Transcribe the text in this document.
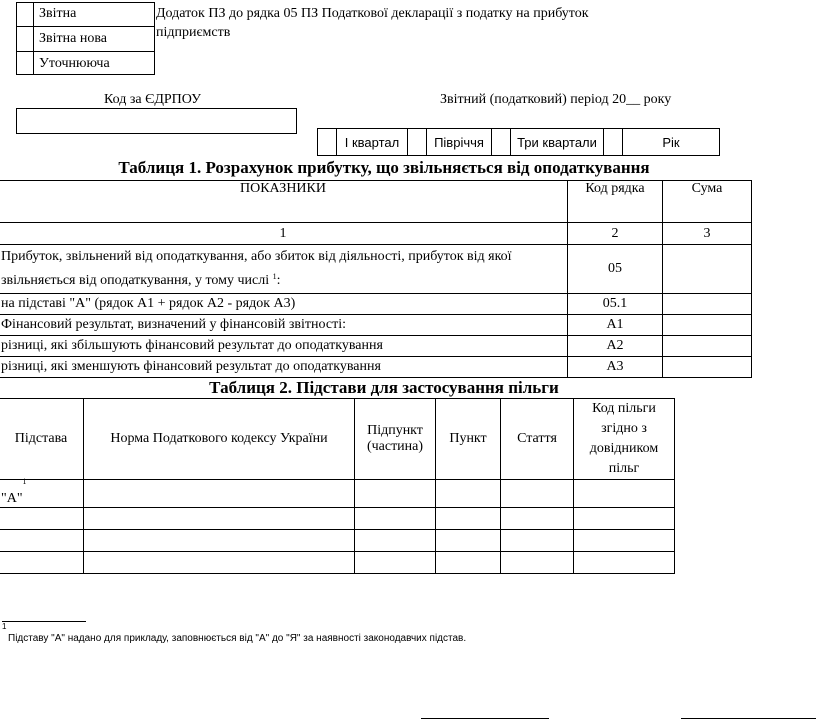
Звітна
Звітна нова
Уточнююча
Додаток ПЗ до рядка 05 ПЗ Податкової декларації з податку на прибуток підприємств
Код за ЄДРПОУ	Звітний (податковий) період 20__ року
	І квартал		Півріччя		Три квартали		Рік
Таблиця 1. Розрахунок прибутку, що звільняється від оподаткування
ПОКАЗНИКИ	Код рядка	Сума
1	2	3
Прибуток, звільнений від оподаткування, або збиток від діяльності, прибуток від якої звільняється від оподаткування, у тому числі $^1$:	05	
на підставі "А" (рядок А1 + рядок А2 - рядок А3)	05.1	
Фінансовий результат, визначений у фінансовій звітності:	А1	
різниці, які збільшують фінансовий результат до оподаткування	А2	
різниці, які зменшують фінансовий результат до оподаткування	А3	
Таблиця 2. Підстави для застосування пільги
Підстава	Норма Податкового кодексу України	Підпункт (частина)	Пункт	Стаття	Код пільги згідно з довідником пільг
"А"$^1$					

1
Підставу "А" надано для прикладу, заповнюється від "А" до "Я" за наявності законодавчих підстав.
